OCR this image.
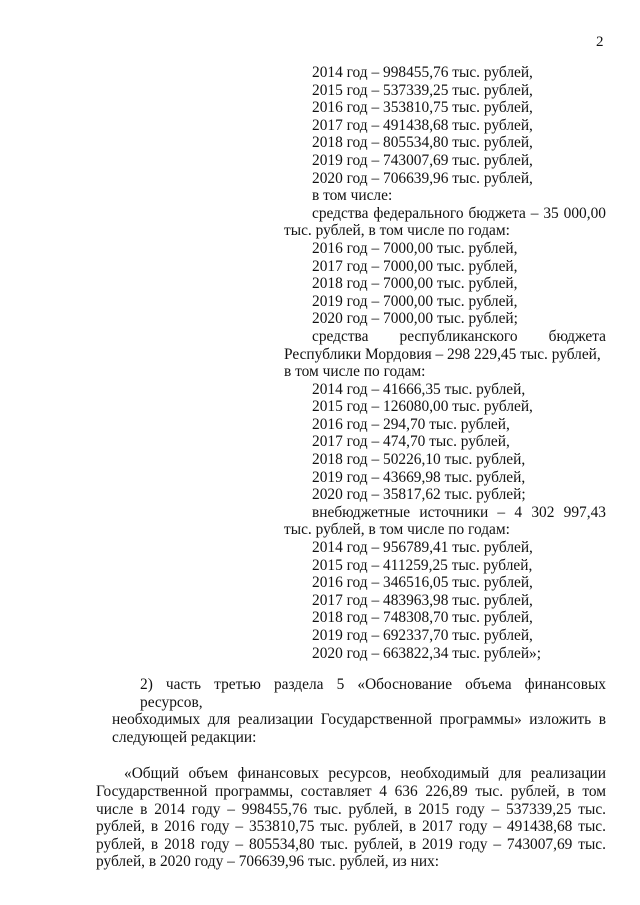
2
2014 год – 998455,76 тыс. рублей,
2015 год – 537339,25 тыс. рублей,
2016 год – 353810,75 тыс. рублей,
2017 год – 491438,68 тыс. рублей,
2018 год – 805534,80 тыс. рублей,
2019 год – 743007,69 тыс. рублей,
2020 год – 706639,96 тыс. рублей,
в том числе:
средства федерального бюджета – 35 000,00
тыс. рублей, в том числе по годам:
2016 год – 7000,00 тыс. рублей,
2017 год – 7000,00 тыс. рублей,
2018 год – 7000,00 тыс. рублей,
2019 год – 7000,00 тыс. рублей,
2020 год – 7000,00 тыс. рублей;
средства республиканского бюджета
Республики Мордовия – 298 229,45 тыс. рублей,
в том числе по годам:
2014 год – 41666,35 тыс. рублей,
2015 год – 126080,00 тыс. рублей,
2016 год – 294,70 тыс. рублей,
2017 год – 474,70 тыс. рублей,
2018 год – 50226,10 тыс. рублей,
2019 год – 43669,98 тыс. рублей,
2020 год – 35817,62 тыс. рублей;
внебюджетные источники – 4 302 997,43
тыс. рублей, в том числе по годам:
2014 год – 956789,41 тыс. рублей,
2015 год – 411259,25 тыс. рублей,
2016 год – 346516,05 тыс. рублей,
2017 год – 483963,98 тыс. рублей,
2018 год – 748308,70 тыс. рублей,
2019 год – 692337,70 тыс. рублей,
2020 год – 663822,34 тыс. рублей»;
2) часть третью раздела 5 «Обоснование объема финансовых ресурсов,
необходимых для реализации Государственной программы» изложить в
следующей редакции:
«Общий объем финансовых ресурсов, необходимый для реализации
Государственной программы, составляет 4 636 226,89 тыс. рублей, в том
числе в 2014 году – 998455,76 тыс. рублей, в 2015 году – 537339,25 тыс.
рублей, в 2016 году – 353810,75 тыс. рублей, в 2017 году – 491438,68 тыс.
рублей, в 2018 году – 805534,80 тыс. рублей, в 2019 году – 743007,69 тыс.
рублей, в 2020 году – 706639,96 тыс. рублей, из них:
